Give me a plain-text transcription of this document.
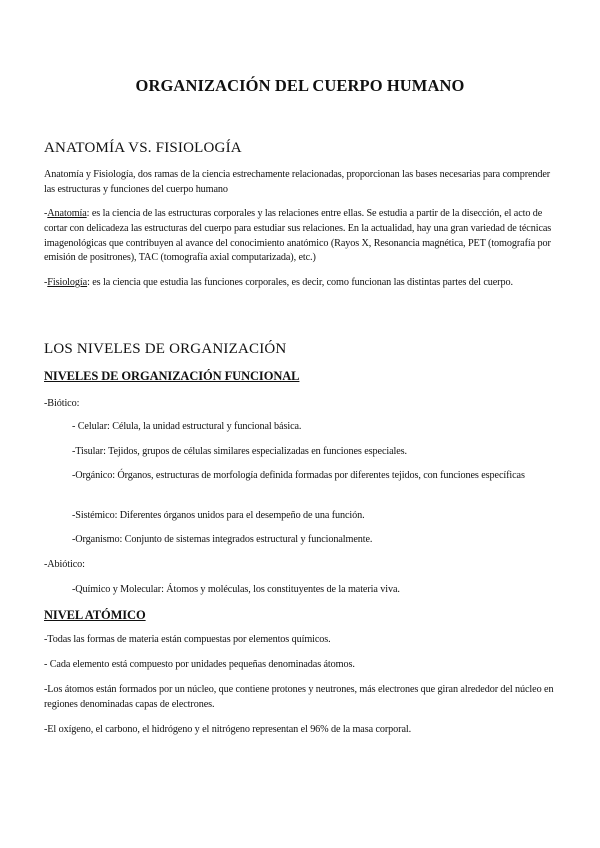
ORGANIZACIÓN DEL CUERPO HUMANO
ANATOMÍA VS. FISIOLOGÍA
Anatomía y Fisiología, dos ramas de la ciencia estrechamente relacionadas, proporcionan las bases necesarias para comprender las estructuras y funciones del cuerpo humano
-Anatomía: es la ciencia de las estructuras corporales y las relaciones entre ellas. Se estudia a partir de la disección, el acto de cortar con delicadeza las estructuras del cuerpo para estudiar sus relaciones. En la actualidad, hay una gran variedad de técnicas imagenológicas que contribuyen al avance del conocimiento anatómico (Rayos X, Resonancia magnética, PET (tomografía por emisión de positrones), TAC (tomografía axial computarizada), etc.)
-Fisiología: es la ciencia que estudia las funciones corporales, es decir, como funcionan las distintas partes del cuerpo.
LOS NIVELES DE ORGANIZACIÓN
NIVELES DE ORGANIZACIÓN FUNCIONAL
-Biótico:
- Celular: Célula, la unidad estructural y funcional básica.
-Tisular: Tejidos, grupos de células similares especializadas en funciones especiales.
-Orgánico: Órganos, estructuras de morfología definida formadas por diferentes tejidos, con funciones específicas
-Sistémico: Diferentes órganos unidos para el desempeño de una función.
-Organismo: Conjunto de sistemas integrados estructural y funcionalmente.
-Abiótico:
-Químico y Molecular: Átomos y moléculas, los constituyentes de la materia viva.
NIVEL ATÓMICO
-Todas las formas de materia están compuestas por elementos químicos.
- Cada elemento está compuesto por unidades pequeñas denominadas átomos.
-Los átomos están formados por un núcleo, que contiene protones y neutrones, más electrones que giran alrededor del núcleo en regiones denominadas capas de electrones.
-El oxígeno, el carbono, el hidrógeno y el nitrógeno representan el 96% de la masa corporal.
